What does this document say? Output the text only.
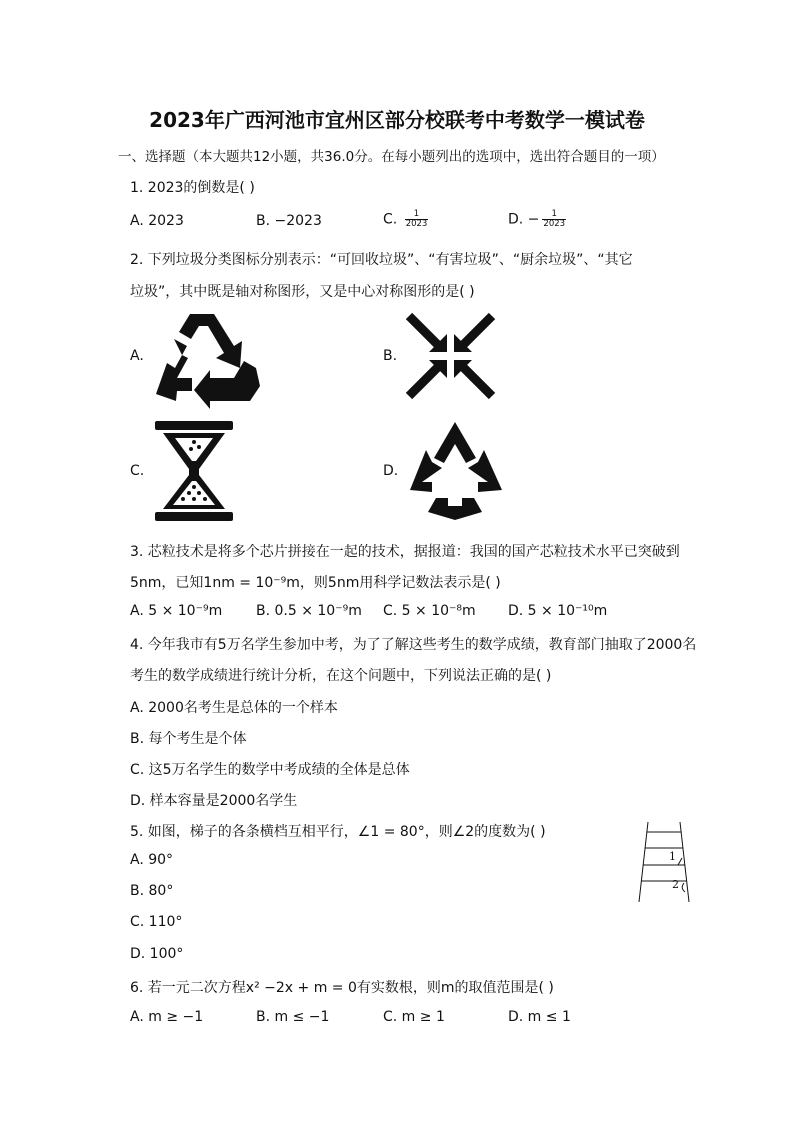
2023年广西河池市宜州区部分校联考中考数学一模试卷
一、选择题（本大题共12小题，共36.0分。在每小题列出的选项中，选出符合题目的一项）
1. 2023的倒数是( )
A. 2023	B. −2023	C. $\frac{1}{2023}$	D. − $\frac{1}{2023}$
2. 下列垃圾分类图标分别表示：“可回收垃圾”、“有害垃圾”、“厨余垃圾”、“其它
垃圾”，其中既是轴对称图形，又是中心对称图形的是( )
A.	B.
C.	D.
3. 芯粒技术是将多个芯片拼接在一起的技术，据报道：我国的国产芯粒技术水平已突破到
5nm，已知1nm = 10⁻⁹m，则5nm用科学记数法表示是( )
A. 5 × 10⁻⁹m B. 0.5 × 10⁻⁹m C. 5 × 10⁻⁸m D. 5 × 10⁻¹⁰m
4. 今年我市有5万名学生参加中考，为了了解这些考生的数学成绩，教育部门抽取了2000名
考生的数学成绩进行统计分析，在这个问题中，下列说法正确的是( )
A. 2000名考生是总体的一个样本
B. 每个考生是个体
C. 这5万名学生的数学中考成绩的全体是总体
D. 样本容量是2000名学生
5. 如图，梯子的各条横档互相平行，∠1 = 80°，则∠2的度数为( )
A. 90°
B. 80°
C. 110°
D. 100°
1
2
6. 若一元二次方程x² −2x + m = 0有实数根，则m的取值范围是( )
A. m ≥ −1	B. m ≤ −1	C. m ≥ 1	D. m ≤ 1
